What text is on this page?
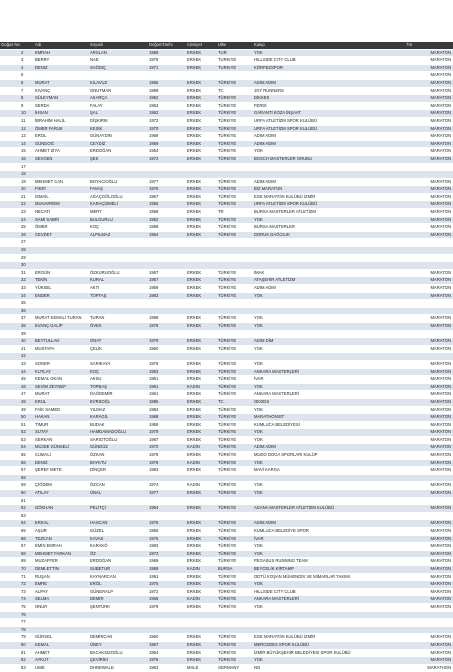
Goğus No	Adi	Soyadi	DoğumTarihi	Cinsiyet	Ulke	Kulup	Tür
2	EMRAH	ARSLAN	1968	ERKEK	TUR	YOK	MARATON
3	BERRY	NAE	1975	ERKEK	TURKIYE	HILLSIDE CITY CLUB	MARATON
4	DENIZ	SAĞDIÇ	1971	ERKEK	TURKIYE	KÖRFEZSPOR	MARATON
5							MARATON
6	MURAT	KILAVUZ	1965	ERKEK	TÜRKİYE	ADIM ADIM	MARATON
7	KIVANÇ	ONUTMAN	1969	ERKEK	TC	JOY RUNNERS	MARATON
8	SÜLEYMAN	AKARÇA	1962	ERKEK	TÜRKİYE	DİKKEK	MARATON
9	SERDA	FALAY	1963	ERKEK	TÜRKİYE	FERDİ	MARATON
10	İHSAN	ŞAL	1962	ERKEK	TÜRKİYE	GARANTİ KOZA İNŞAAT	MARATON
11	İBRAHİM HALİL	DİŞKIRIK	1972	ERKEK	TÜRKİYE	URFA ATLETİZM SPOR KULÜBÜ	MARATON
12	ÖMER FARUK	KESİK	1970	ERKEK	TÜRKİYE	URFA ATLETİZM SPOR KULÜBÜ	MARATON
13	EROL	GÜNAYDIN	1969	ERKEK	TÜRKİYE	ADIM ADIM	MARATON
14	GÜNDOĞ	CEYDİZ	1969	ERKEK	TÜRKİYE	ADIM ADIM	MARATON
15	AHMET ZİYA	ERDOĞAN	1954	ERKEK	TÜRKİYE	YOK	MARATON
16	SEVGEN	ŞEK	1972	ERKEK	TÜRKİYE	BOSCH MASTERLER GRUBU	MARATON
17							
18							
19	MEHMET CAN	BOYACIOĞLU	1977	ERKEK	TÜRKİYE	ADIM ADIM	MARATON
20	FİKRİ	FAVAŞ	1976	ERKEK	TÜRKİYE	BİZ MARATON	MARATON
21	İSMAİL	AĞAÇGÖLOĞLU	1967	ERKEK	TÜRKİYE	EGE MARATON KULÜBÜ İZMİR	MARATON
22	MUHARREM	KARAÇİZMELİ	1955	ERKEK	TÜRKİYE	URFA ATLETİZM SPOR KULÜBÜ	MARATON
23	NECATİ	MERT	1968	ERKEK	TR	BURSA MASTERLER ATLETİZM	MARATON
24	SAMİ SABRİ	BULGURLU	1962	ERKEK	TÜRKİYE	YOK	MARATON
25	ÖMER	KOÇ	1968	ERKEK	TÜRKİYE	BURSA MASTERLER	MARATON
26	CEVDET	ALPILMAZ	1964	ERKEK	TÜRKİYE	DORUK DAĞCILIK	MARATON
27							
28							
29							
30							
31	ERGÜN	ÖZKURUOĞLU	1967	ERKEK	TÜRKİYE	İMAK	MARATON
32	TEKİN	KURAL	1957	ERKEK	TÜRKİYE	ATAŞEHİR ATLETİZM	MARATON
33	YÜKSEL	AKTI	1959	ERKEK	TÜRKİYE	ADIM ADIM	MARATON
34	ENDER	TOPTAŞ	1983	ERKEK	TÜRKİYE	YOK	MARATON
35							
36							
37	MURAT KEMALİ TURAN	TURAN	1968	ERKEK	TÜRKİYE	YOK	MARATON
38	EVANÇ GALİP	ÖVEK	1978	ERKEK	TÜRKİYE	YOK	MARATON
39							
40	BEYTULLAH	ONAT	1979	ERKEK	TÜRKİYE	ADIM DİM	MARATON
41	MUSTAFA	ÇELİK	1960	ERKEK	TÜRKİYE	YOK	MARATON
42							
43	SONER	SARIKAYA	1976	ERKEK	TÜRKİYE	YOK	MARATON
44	KUTLAY	KOÇ	1963	ERKEK	TÜRKİYE	ANKARA MASTERLERİ	MARATON
45	KEMAL OKAN	AKSU	1961	ERKEK	TÜRKİYE	İVAR	MARATON
46	SEVİM ZEYNEP	TOPBAŞ	1991	KADIN	TÜRKİYE	YOK	MARATON
47	MURAT	DAĞDEMİR	1961	ERKEK	TÜRKİYE	ANKARA MASTERLERİ	MARATON
48	KRUL	EVRSOĞL	1885	ERKEK	TC	OKODS	MARATON
49	FAİK SAMED	YILMAZ	1984	ERKEK	TÜRKİYE	YOK	MARATON
50	HAKAN	KARAGİL	1968	ERKEK	TÜRKİYE	MARATHONIST	MARATON
51	TİMUR	BUDAK	1959	ERKEK	TÜRKİYE	KUMLUCA BELEDİYESİ	MARATON
52	SUTAY	HAMDAMADOĞLU	1979	ERKEK	TÜRKİYE	YOK	MARATON
53	SERKAN	SARIOTOĞLU	1987	ERKEK	TÜRKİYE	YOK	MARATON
54	MÜJDE GÜNSELİ	GÜNDÜZ	1970	KADIN	TÜRKİYE	ADIM ADIM	MARATON
55	CUMALİ	ÖZKAN	1975	ERKEK	TÜRKİYE	MUDO DOGA SPORLARI KULÜP	MARATON
56	DENİZ	BAYKTU	1976	KADIN	TÜRKİYE	YOK	MARATON
57	ŞEREF METE	DİNÇER	1983	ERKEK	TÜRKİYE	MAVİ KARGA	MARATON
58							
59	ÇİĞDEM	ÖZCAN	1974	KADIN	TÜRKİYE	YOK	MARATON
60	ATILAY	ÜNAL	1977	ERKEK	TÜRKİYE	YOK	MARATON
61							
62	GÖKHAN	PELİTÇİ	1964	ERKEK	TÜRKİYE	ADANA MASTERLER ATLETİZM KULÜBÜ	MARATON
63							
64	ERKAL	HASCAN	1976	ERKEK	TÜRKİYE	ADIM ADIM	MARATON
65	AŞUR	GÜZEL	1955	ERKEK	TÜRKİYE	KUMLUCA BELEDİYE SPOR	MARATON
66	TEZCAN	KAVAS	1975	ERKEK	TÜRKİYE	İVAR	MARATON
67	EMİN EMRAH	KARAKÖ	1983	ERKEK	TÜRKİYE	YOK	MARATON
68	MEHMET FARKAN	ÖZ	1973	ERKEK	TÜRKİYE	YOK	MARATON
69	MUZAFFER	ERDOĞAN	1969	ERKEK	TÜRKİYE	PEGASUS RUNNING TEAM	MARATON
70	DEMLETTİN	SUBETUR	1969	KADIN	BURSA	BEYCELİK KİRTAMP	MARATON
71	RUŞAN	KAYNARCAN	1991	ERKEK	TÜRKİYE	ODTÜ KOŞAN MÜHENDİS VE MİMARLAR TAKIMI	MARATON
72	EMRE	ERÖL	1975	ERKEK	TÜRKİYE	YOK	MARATON
73	ALPAY	GÜNERALP	1972	ERKEK	TÜRKİYE	HILLSIDE CITY CLUB	MARATON
74	SELMA	DEMİR	1966	KADIN	TÜRKİYE	ANKARA MASTERLERİ	MARATON
75	ONUR	ŞENTÜRK	1979	ERKEK	TÜRKİYE	YOK	MARATON
76							
77							
78							
79	GÜRSEL	DEMİRCAN	1960	ERKEK	TÜRKİYE	EGE MARATON KULÜBÜ İZMİR	MARATON
80	KEMAL	ÜNEY	1967	ERKEK	TÜRKİYE	MERCEDES SPOR KULÜBÜ	MARATON
81	AHMET	BACAKSİZOĞLU	1954	ERKEK	TÜRKİYE	İZMİR BÜYÜKŞEHİR BELEDİYESİ SPOR KULÜBÜ	MARATON
82	AYKUT	ÇEVİRİKİ	1976	ERKEK	TÜRKİYE	YOK	MARATON
83	UWE	DHNEWALD	1963	MALE	GERMANY	NO	MARATHON
